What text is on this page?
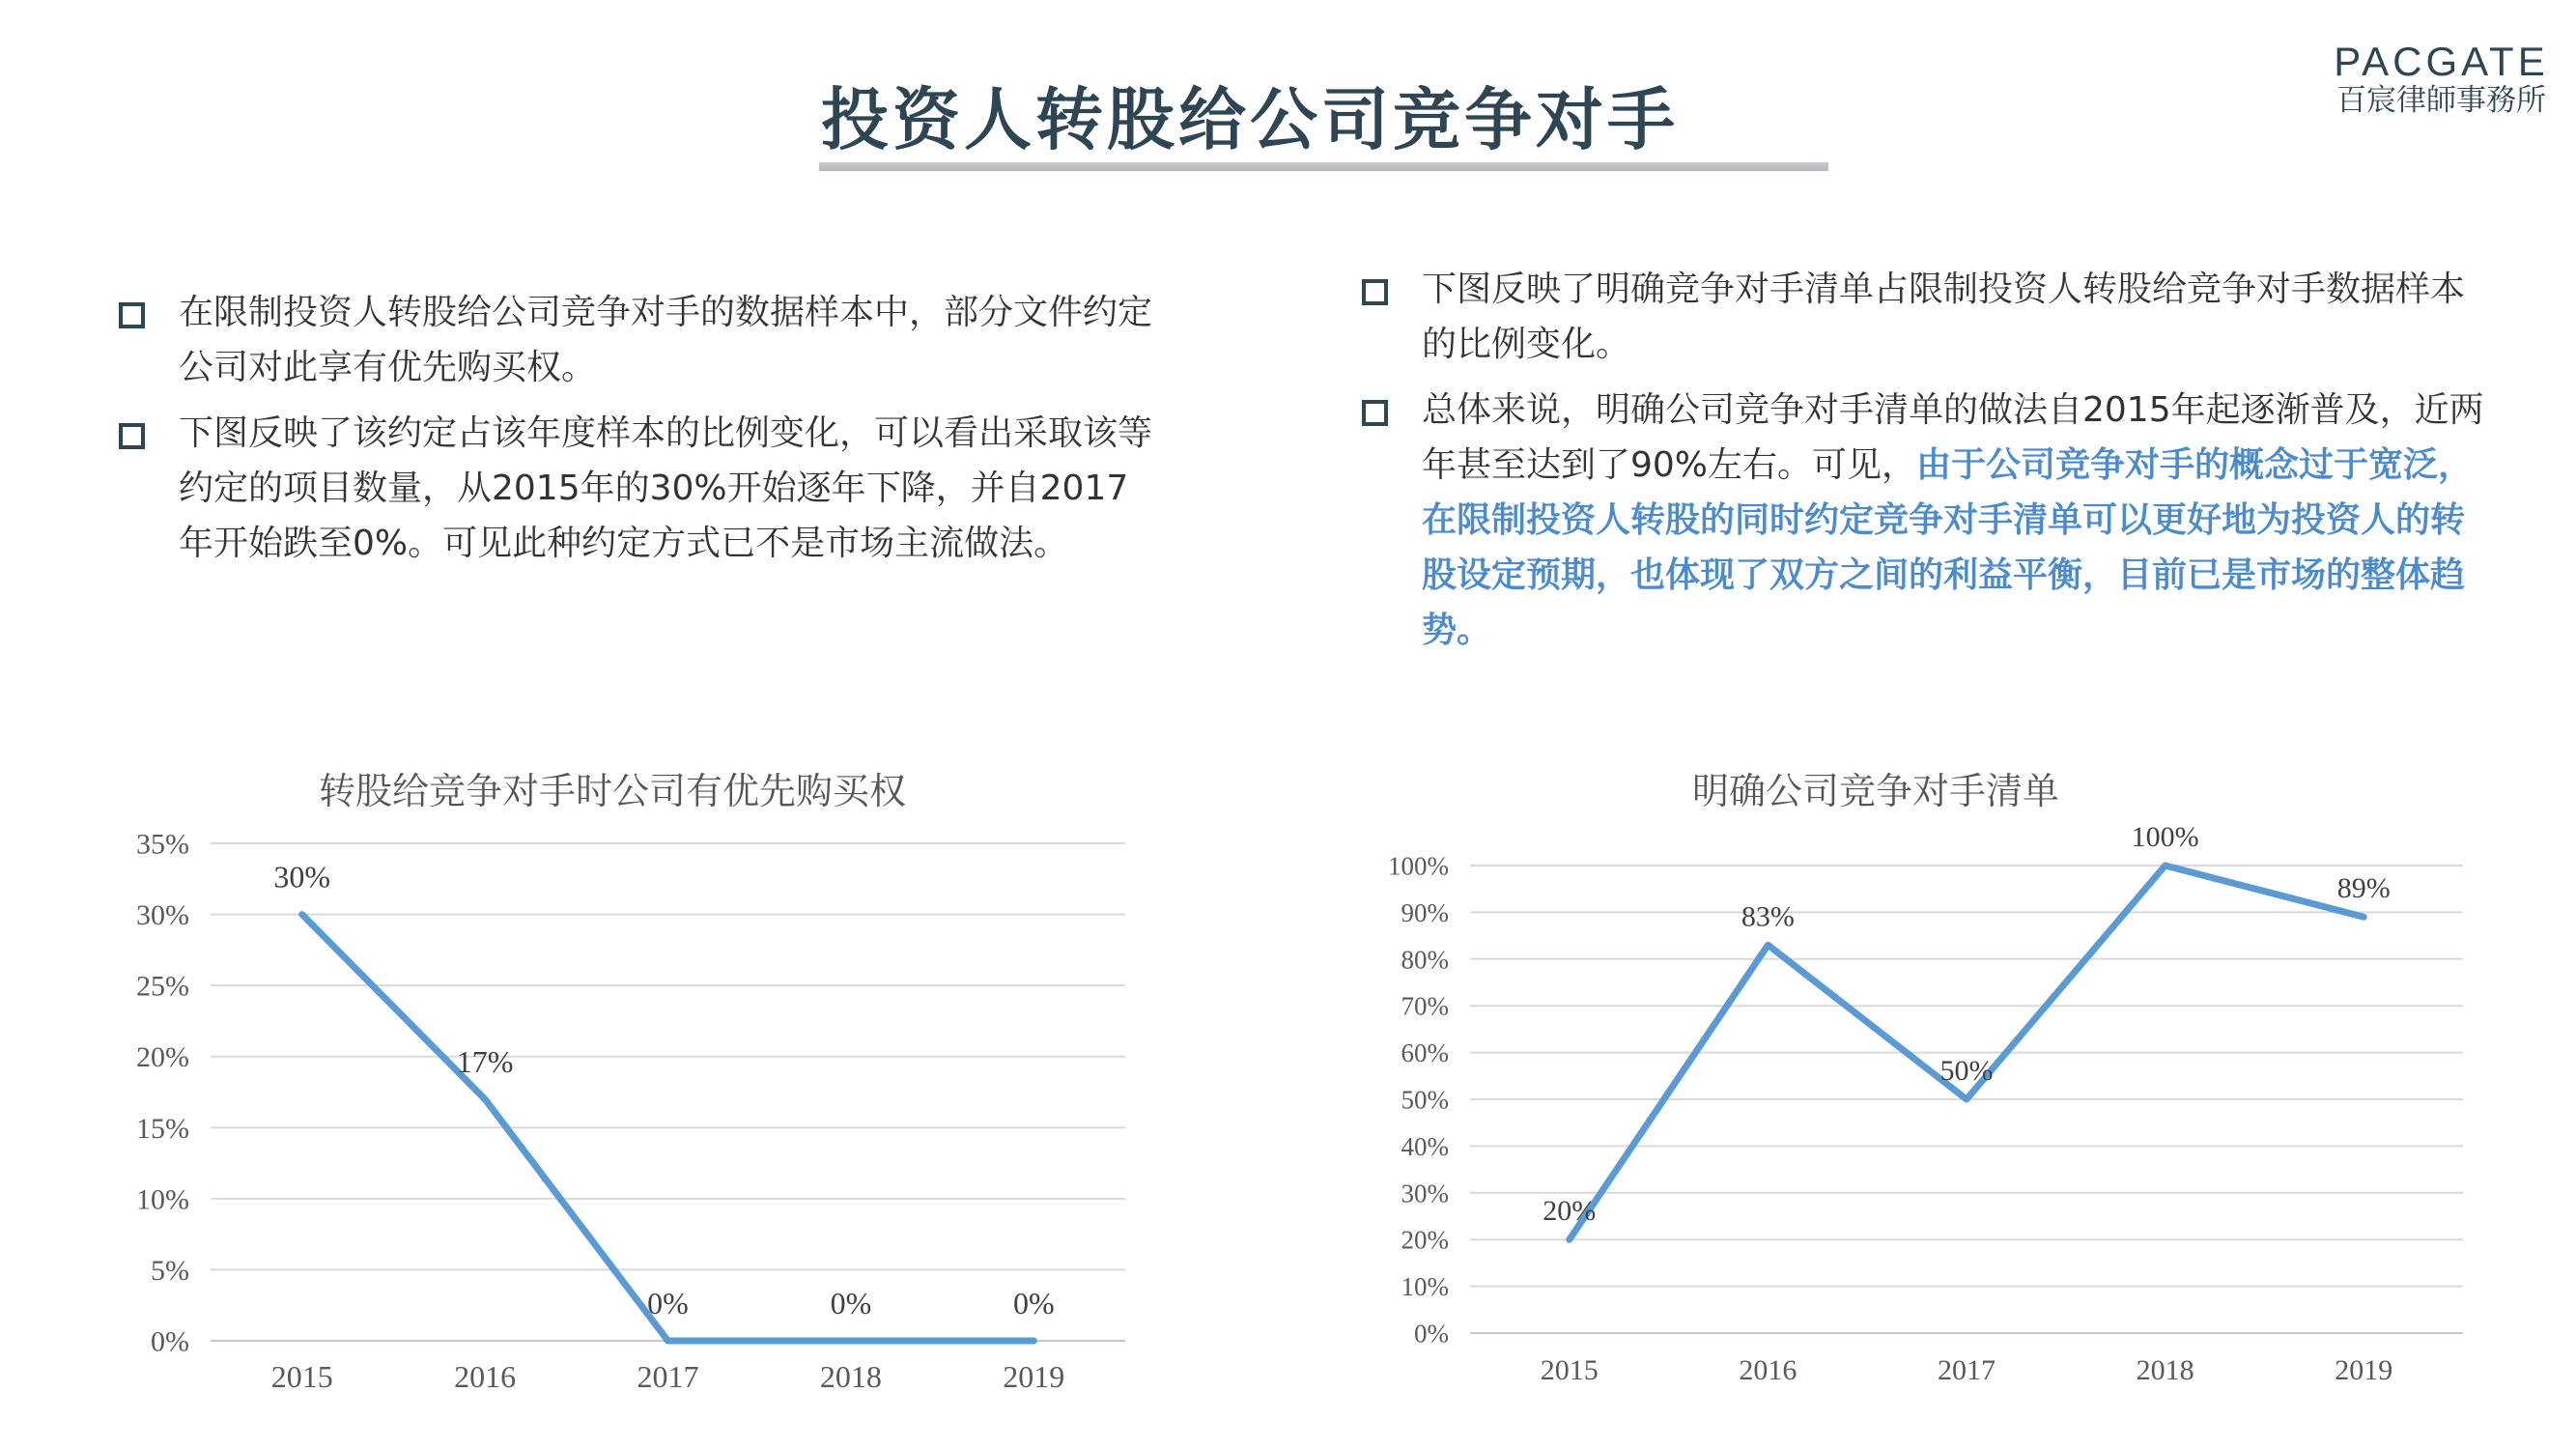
投资人转股给公司竞争对手
PACGATE
百宸律師事務所
在限制投资人转股给公司竞争对手的数据样本中，部分文件约定公司对此享有优先购买权。
下图反映了该约定占该年度样本的比例变化，可以看出采取该等约定的项目数量，从2015年的30%开始逐年下降，并自2017年开始跌至0%。可见此种约定方式已不是市场主流做法。
下图反映了明确竞争对手清单占限制投资人转股给竞争对手数据样本的比例变化。
总体来说，明确公司竞争对手清单的做法自2015年起逐渐普及，近两年甚至达到了90%左右。可见，由于公司竞争对手的概念过于宽泛，在限制投资人转股的同时约定竞争对手清单可以更好地为投资人的转股设定预期，也体现了双方之间的利益平衡，目前已是市场的整体趋势。
转股给竞争对手时公司有优先购买权
0%
5%
10%
15%
20%
25%
30%
35%
2015	2016	2017	2018	2019
30%
17%
0%	0%	0%
明确公司竞争对手清单
0%
10%
20%
30%
40%
50%
60%
70%
80%
90%
100%
2015	2016	2017	2018	2019
20%
83%
50%
100%
89%
